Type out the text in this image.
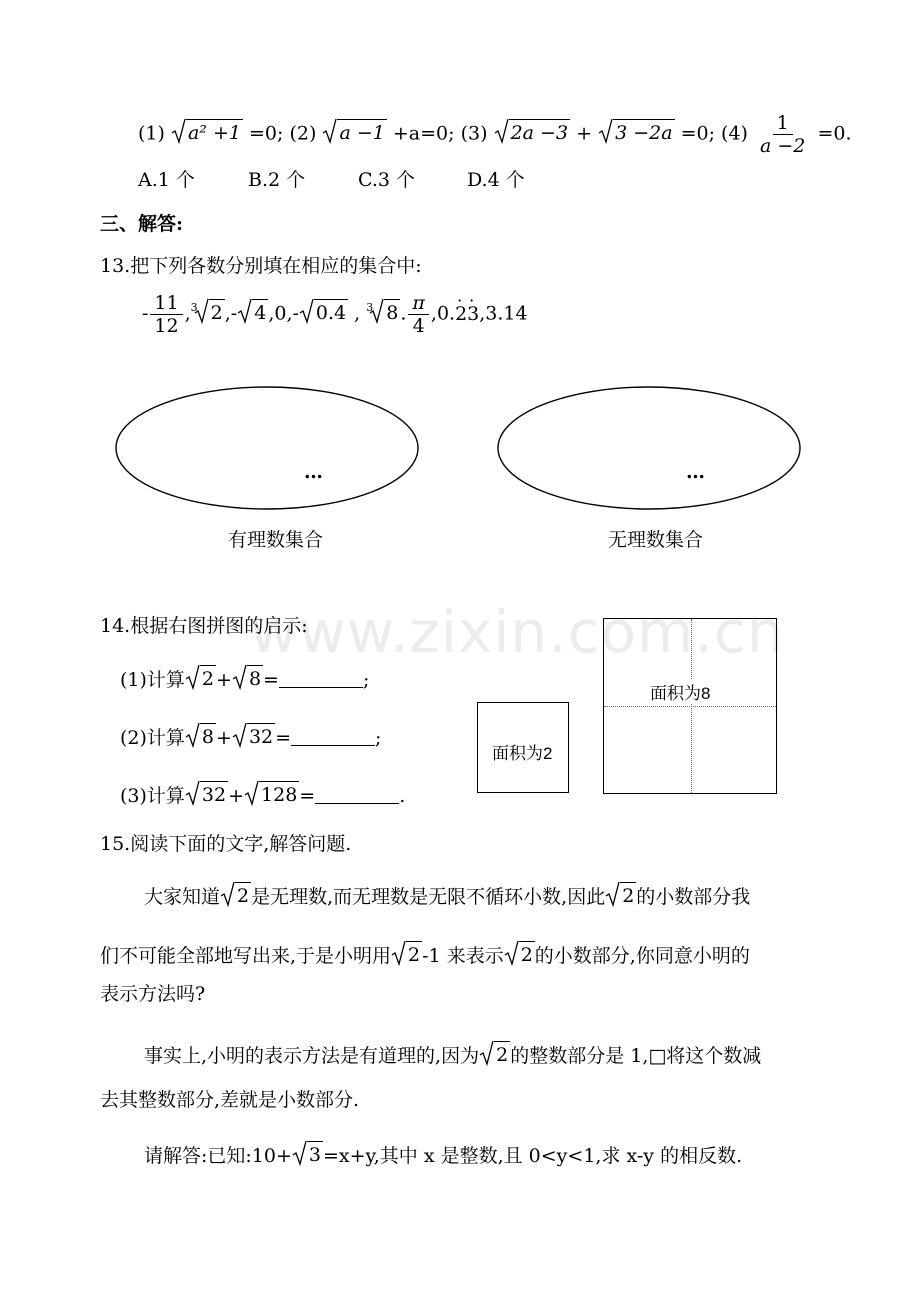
(1) a² +1 =0; (2) a −1 +a=0; (3) 2a −3 + 3 −2a =0; $(4) \frac{1}{a -2} =0$.
A.1 个	B.2 个	C.3 个	D.4 个
三、解答:
13.把下列各数分别填在相应的集合中:
- $\frac{11}{12} ,^3$ 2 ,- 4 ,0,- 0.4 , $^3$ 8 . $\frac{\pi}{4} ,0.2 \cdot 3 \cdot,3.14$
…	…
有理数集合	无理数集合
www.zixin.com.cn
14.根据右图拼图的启示:
(1)计算 2 + 8 =	;
(2)计算 8 + 32 =	;
(3)计算 32 + 128 =	.
面积为2
面积为8
15.阅读下面的文字,解答问题.
大家知道 2 是无理数,而无理数是无限不循环小数,因此 2 的小数部分我
们不可能全部地写出来,于是小明用 2 -1 来表示 2 的小数部分,你同意小明的
表示方法吗?
事实上,小明的表示方法是有道理的,因为 2 的整数部分是 1,□将这个数减
去其整数部分,差就是小数部分.
请解答:已知:10+ 3 =x+y,其中 x 是整数,且 0<y<1,求 x-y 的相反数.
